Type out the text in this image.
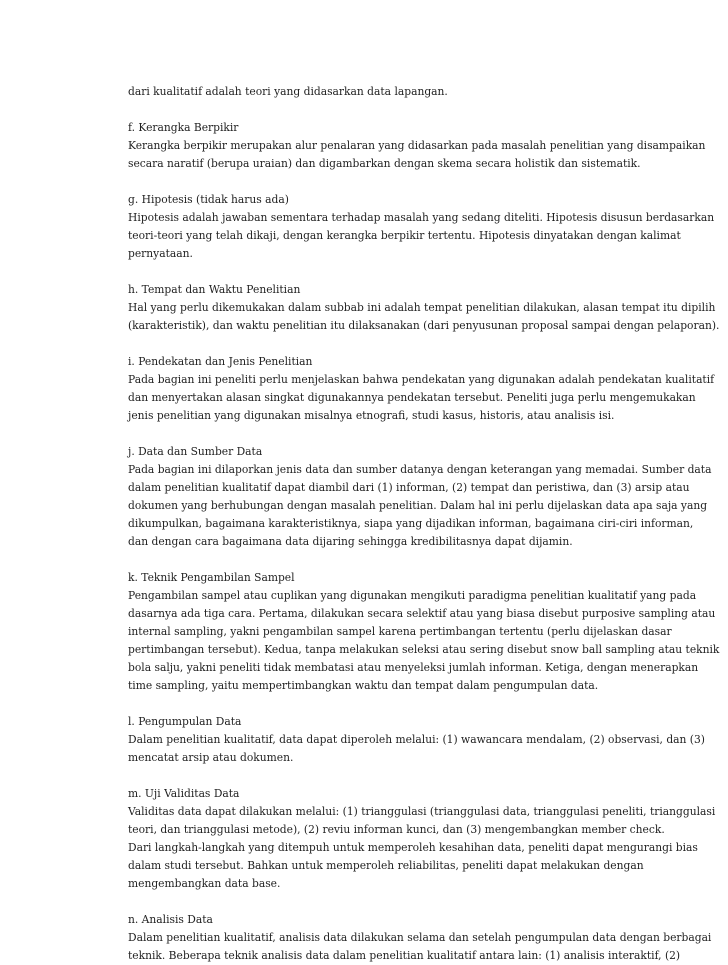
dari kualitatif adalah teori yang didasarkan data lapangan.
f. Kerangka Berpikir
Kerangka berpikir merupakan alur penalaran yang didasarkan pada masalah penelitian yang disampaikan
secara naratif (berupa uraian) dan digambarkan dengan skema secara holistik dan sistematik.
g. Hipotesis (tidak harus ada)
Hipotesis adalah jawaban sementara terhadap masalah yang sedang diteliti. Hipotesis disusun berdasarkan
teori-teori yang telah dikaji, dengan kerangka berpikir tertentu. Hipotesis dinyatakan dengan kalimat
pernyataan.
h. Tempat dan Waktu Penelitian
Hal yang perlu dikemukakan dalam subbab ini adalah tempat penelitian dilakukan, alasan tempat itu dipilih
(karakteristik), dan waktu penelitian itu dilaksanakan (dari penyusunan proposal sampai dengan pelaporan).
i. Pendekatan dan Jenis Penelitian
Pada bagian ini peneliti perlu menjelaskan bahwa pendekatan yang digunakan adalah pendekatan kualitatif
dan menyertakan alasan singkat digunakannya pendekatan tersebut. Peneliti juga perlu mengemukakan
jenis penelitian yang digunakan misalnya etnografi, studi kasus, historis, atau analisis isi.
j. Data dan Sumber Data
Pada bagian ini dilaporkan jenis data dan sumber datanya dengan keterangan yang memadai. Sumber data
dalam penelitian kualitatif dapat diambil dari (1) informan, (2) tempat dan peristiwa, dan (3) arsip atau
dokumen yang berhubungan dengan masalah penelitian. Dalam hal ini perlu dijelaskan data apa saja yang
dikumpulkan, bagaimana karakteristiknya, siapa yang dijadikan informan, bagaimana ciri-ciri informan,
dan dengan cara bagaimana data dijaring sehingga kredibilitasnya dapat dijamin.
k. Teknik Pengambilan Sampel
Pengambilan sampel atau cuplikan yang digunakan mengikuti paradigma penelitian kualitatif yang pada
dasarnya ada tiga cara. Pertama, dilakukan secara selektif atau yang biasa disebut purposive sampling atau
internal sampling, yakni pengambilan sampel karena pertimbangan tertentu (perlu dijelaskan dasar
pertimbangan tersebut). Kedua, tanpa melakukan seleksi atau sering disebut snow ball sampling atau teknik
bola salju, yakni peneliti tidak membatasi atau menyeleksi jumlah informan. Ketiga, dengan menerapkan
time sampling, yaitu mempertimbangkan waktu dan tempat dalam pengumpulan data.
l. Pengumpulan Data
Dalam penelitian kualitatif, data dapat diperoleh melalui: (1) wawancara mendalam, (2) observasi, dan (3)
mencatat arsip atau dokumen.
m. Uji Validitas Data
Validitas data dapat dilakukan melalui: (1) trianggulasi (trianggulasi data, trianggulasi peneliti, trianggulasi
teori, dan trianggulasi metode), (2) reviu informan kunci, dan (3) mengembangkan member check.
Dari langkah-langkah yang ditempuh untuk memperoleh kesahihan data, peneliti dapat mengurangi bias
dalam studi tersebut. Bahkan untuk memperoleh reliabilitas, peneliti dapat melakukan dengan
mengembangkan data base.
n. Analisis Data
Dalam penelitian kualitatif, analisis data dilakukan selama dan setelah pengumpulan data dengan berbagai
teknik. Beberapa teknik analisis data dalam penelitian kualitatif antara lain: (1) analisis interaktif, (2)
